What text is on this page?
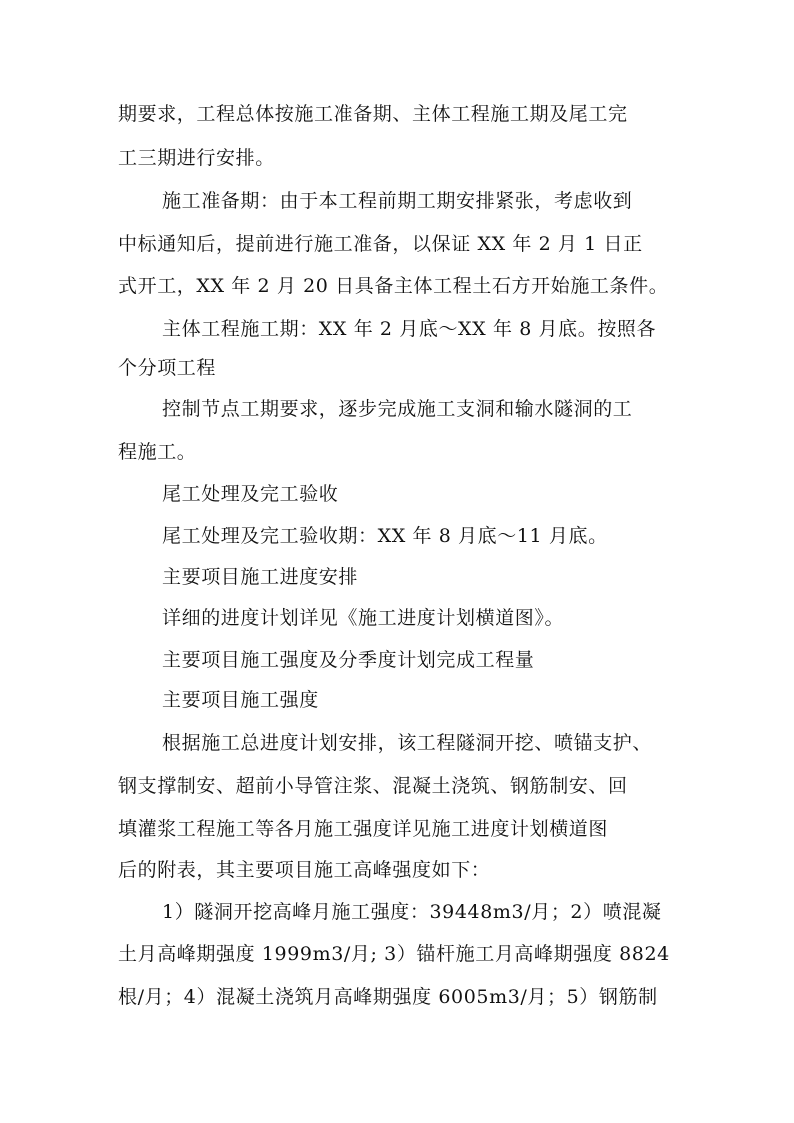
期要求，工程总体按施工准备期、主体工程施工期及尾工完
工三期进行安排。
施工准备期：由于本工程前期工期安排紧张，考虑收到
中标通知后，提前进行施工准备，以保证 XX 年 2 月 1 日正
式开工，XX 年 2 月 20 日具备主体工程土石方开始施工条件。
主体工程施工期：XX 年 2 月底～XX 年 8 月底。按照各
个分项工程
控制节点工期要求，逐步完成施工支洞和输水隧洞的工
程施工。
尾工处理及完工验收
尾工处理及完工验收期：XX 年 8 月底～11 月底。
主要项目施工进度安排
详细的进度计划详见《施工进度计划横道图》。
主要项目施工强度及分季度计划完成工程量
主要项目施工强度
根据施工总进度计划安排，该工程隧洞开挖、喷锚支护、
钢支撑制安、超前小导管注浆、混凝土浇筑、钢筋制安、回
填灌浆工程施工等各月施工强度详见施工进度计划横道图
后的附表，其主要项目施工高峰强度如下：
1）隧洞开挖高峰月施工强度：39448m3/月；2）喷混凝
土月高峰期强度 1999m3/月; 3）锚杆施工月高峰期强度 8824
根/月；4）混凝土浇筑月高峰期强度 6005m3/月；5）钢筋制
